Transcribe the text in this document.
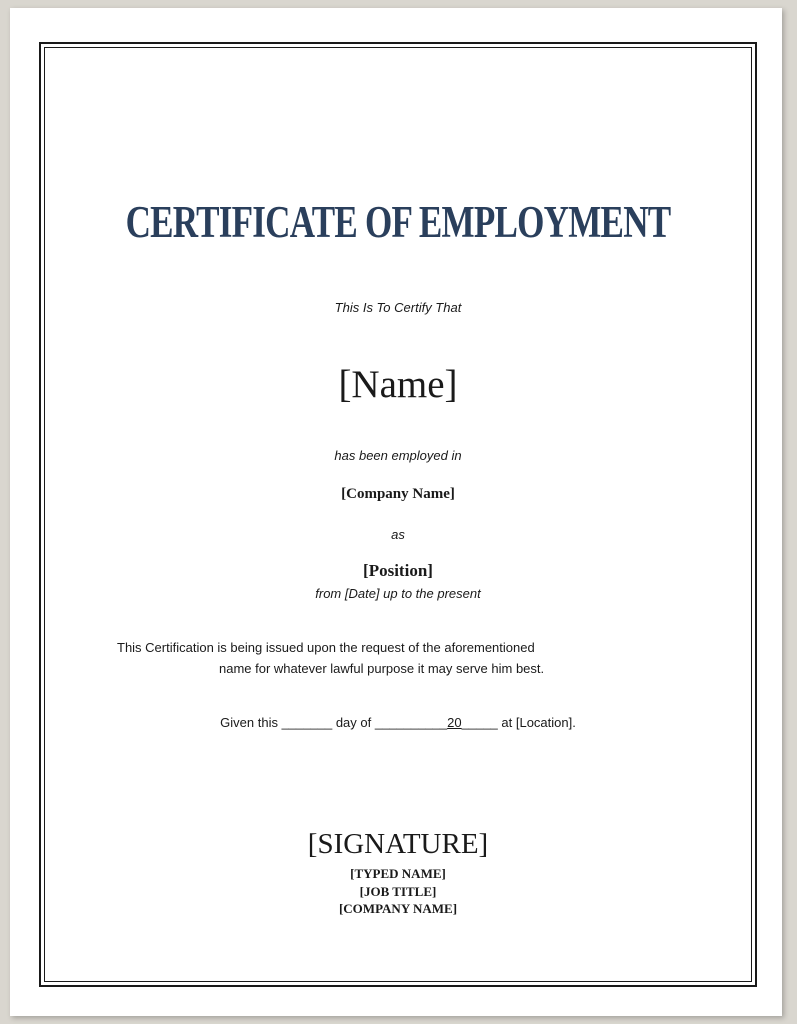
CERTIFICATE OF EMPLOYMENT
This Is To Certify That
[Name]
has been employed in
[Company Name]
as
[Position]
from [Date] up to the present
This Certification is being issued upon the request of the aforementioned
name for whatever lawful purpose it may serve him best.
Given this _______ day of __________20_____ at [Location].
[SIGNATURE]
[TYPED NAME]
[JOB TITLE]
[COMPANY NAME]
